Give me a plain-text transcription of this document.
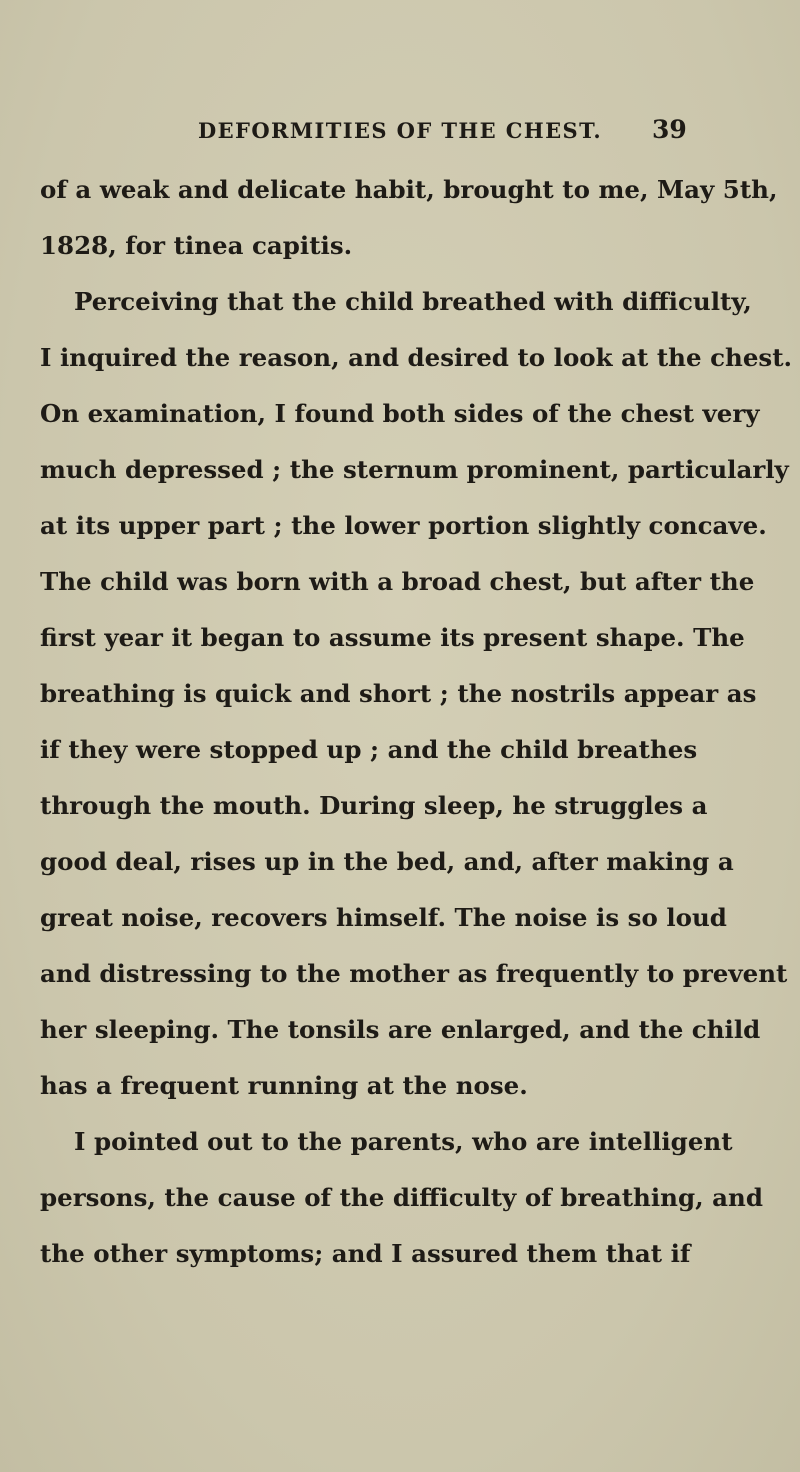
DEFORMITIES OF THE CHEST. 39
of a weak and delicate habit, brought to me, May 5th,
1828, for tinea capitis.
Perceiving that the child breathed with difficulty,
I inquired the reason, and desired to look at the chest.
On examination, I found both sides of the chest very
much depressed ; the sternum prominent, particularly
at its upper part ; the lower portion slightly concave.
The child was born with a broad chest, but after the
first year it began to assume its present shape. The
breathing is quick and short ; the nostrils appear as
if they were stopped up ; and the child breathes
through the mouth. During sleep, he struggles a
good deal, rises up in the bed, and, after making a
great noise, recovers himself. The noise is so loud
and distressing to the mother as frequently to prevent
her sleeping. The tonsils are enlarged, and the child
has a frequent running at the nose.
I pointed out to the parents, who are intelligent
persons, the cause of the difficulty of breathing, and
the other symptoms; and I assured them that if
